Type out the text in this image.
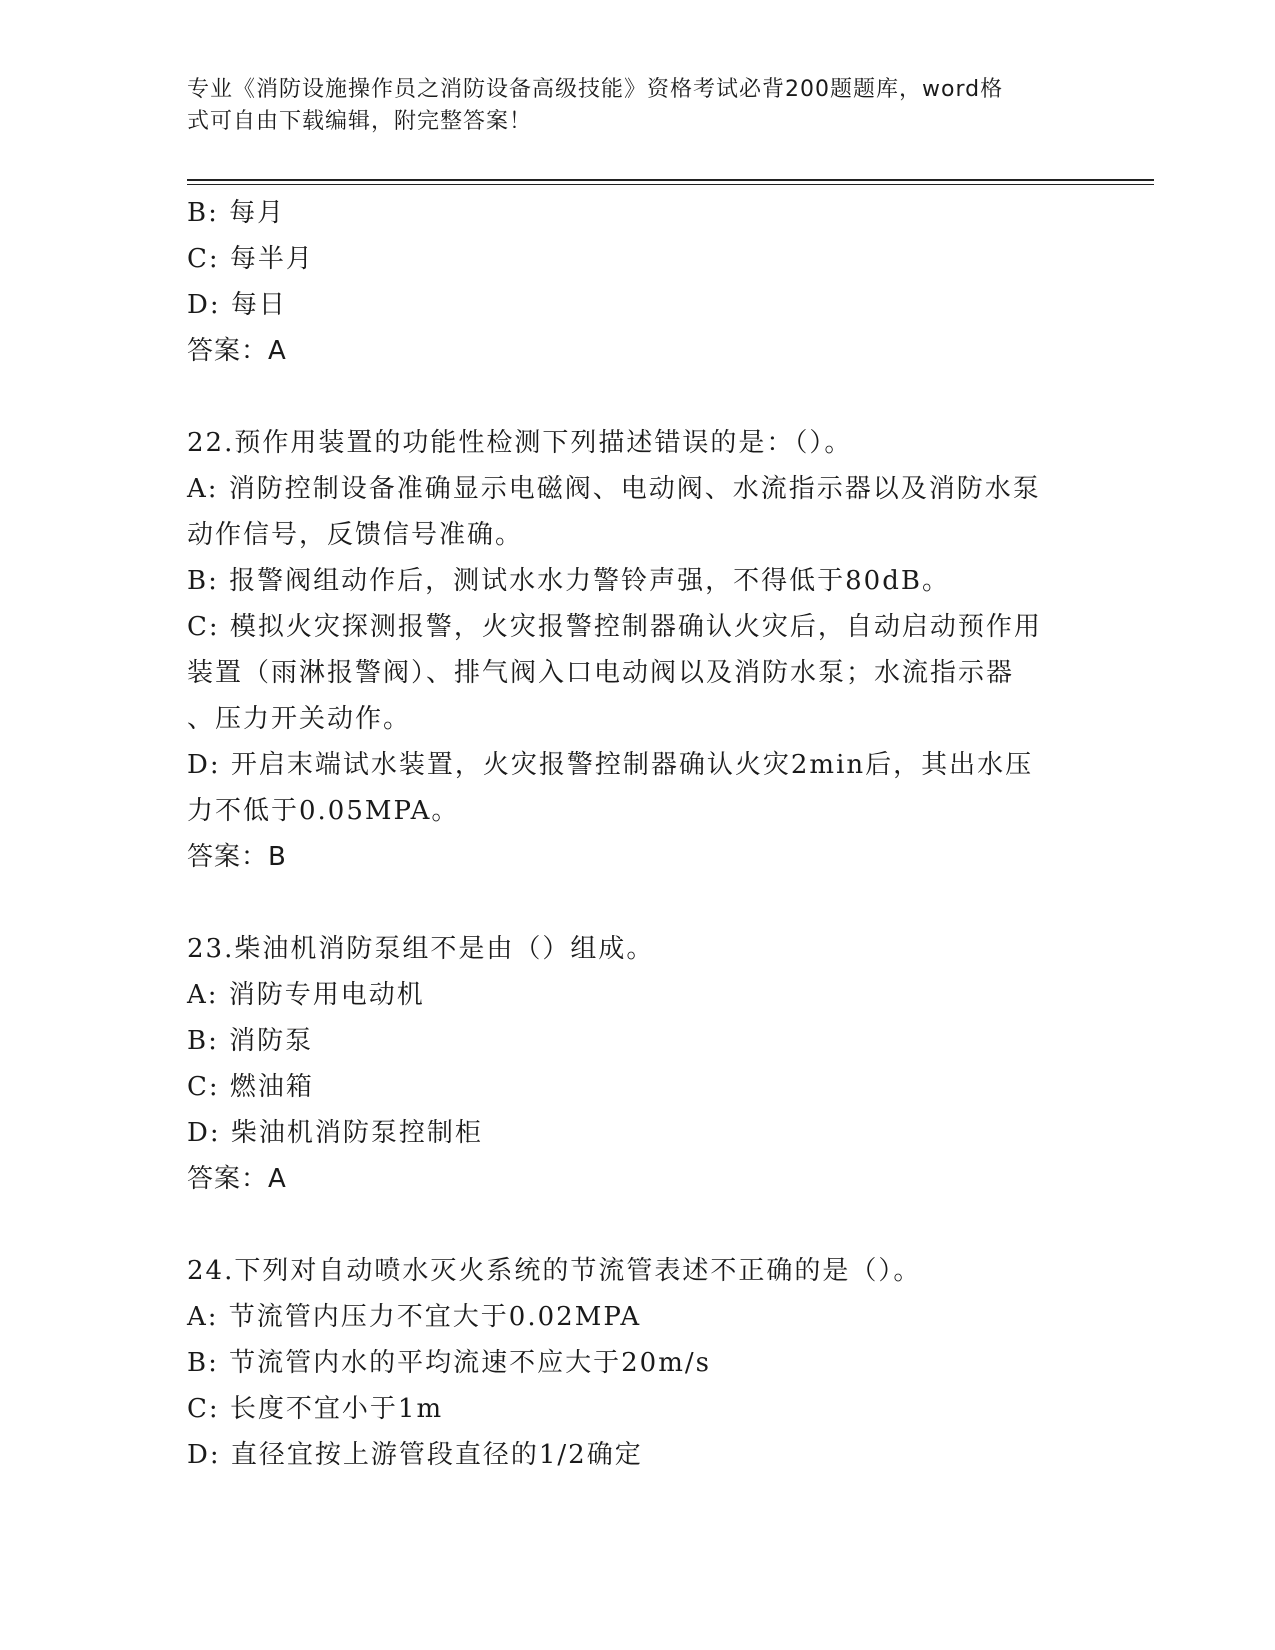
专业《消防设施操作员之消防设备高级技能》资格考试必背200题题库，word格
式可自由下载编辑，附完整答案！
B: 每月
C: 每半月
D: 每日
答案：A
22.预作用装置的功能性检测下列描述错误的是：（）。
A: 消防控制设备准确显示电磁阀、电动阀、水流指示器以及消防水泵
动作信号，反馈信号准确。
B: 报警阀组动作后，测试水水力警铃声强，不得低于80dB。
C: 模拟火灾探测报警，火灾报警控制器确认火灾后，自动启动预作用
装置（雨淋报警阀）、排气阀入口电动阀以及消防水泵；水流指示器
、压力开关动作。
D: 开启末端试水装置，火灾报警控制器确认火灾2min后，其出水压
力不低于0.05MPA。
答案：B
23.柴油机消防泵组不是由（）组成。
A: 消防专用电动机
B: 消防泵
C: 燃油箱
D: 柴油机消防泵控制柜
答案：A
24.下列对自动喷水灭火系统的节流管表述不正确的是（）。
A: 节流管内压力不宜大于0.02MPA
B: 节流管内水的平均流速不应大于20m/s
C: 长度不宜小于1m
D: 直径宜按上游管段直径的1/2确定
